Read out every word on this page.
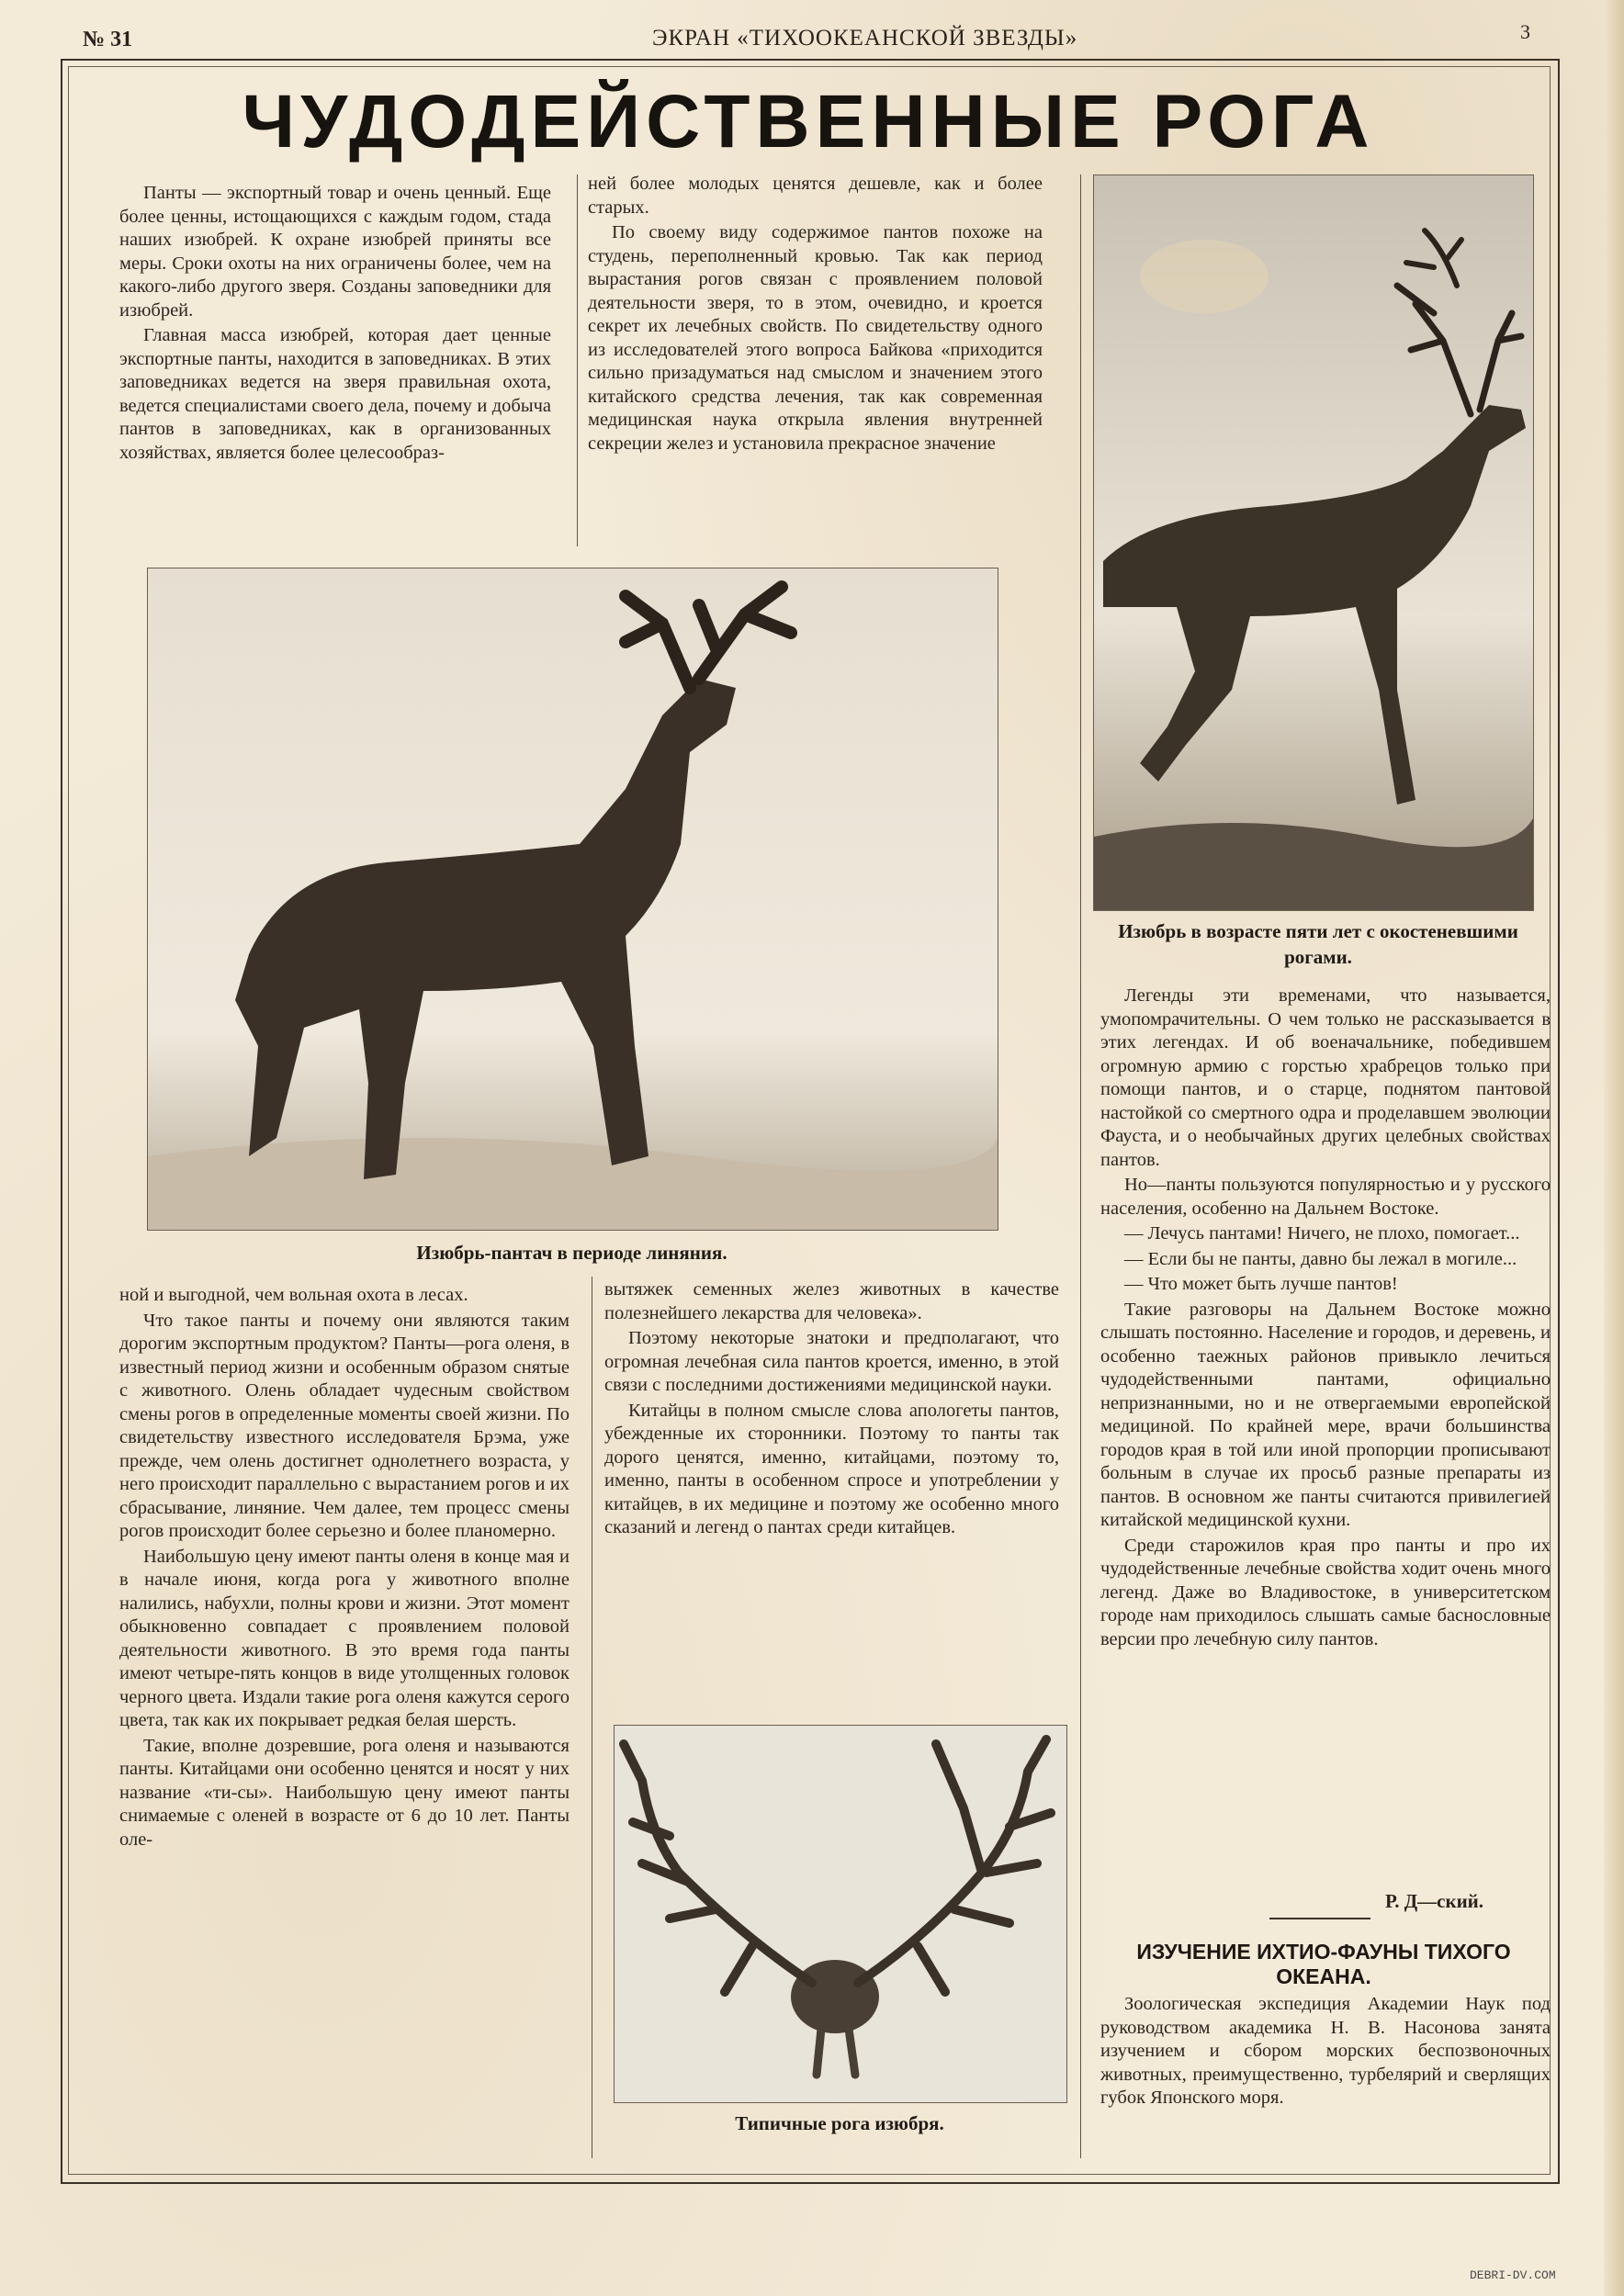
№ 31	ЭКРАН «ТИХООКЕАНСКОЙ ЗВЕЗДЫ»	3
ЧУДОДЕЙСТВЕННЫЕ РОГА

Панты — экспортный товар и очень ценный. Еще более ценны, истощающихся с каждым годом, стада наших изюбрей. К охране изюбрей приняты все меры. Сроки охоты на них ограничены более, чем на какого-либо другого зверя. Созданы заповедники для изюбрей.

Главная масса изюбрей, которая дает ценные экспортные панты, находится в заповедниках. В этих заповедниках ведется на зверя правильная охота, ведется специалистами своего дела, почему и добыча пантов в заповедниках, как в организованных хозяйствах, является более целесообраз-

ней более молодых ценятся дешевле, как и более старых.

По своему виду содержимое пантов похоже на студень, переполненный кровью. Так как период вырастания рогов связан с проявлением половой деятельности зверя, то в этом, очевидно, и кроется секрет их лечебных свойств. По свидетельству одного из исследователей этого вопроса Байкова «приходится сильно призадуматься над смыслом и значением этого китайского средства лечения, так как современная медицинская наука открыла явления внутренней секреции желез и установила прекрасное значение

Изюбрь в возрасте пяти лет с окостеневшими рогами.
Изюбрь-пантач в периоде линяния.

ной и выгодной, чем вольная охота в лесах.

Что такое панты и почему они являются таким дорогим экспортным продуктом? Панты—рога оленя, в известный период жизни и особенным образом снятые с животного. Олень обладает чудесным свойством смены рогов в определенные моменты своей жизни. По свидетельству известного исследователя Брэма, уже прежде, чем олень достигнет однолетнего возраста, у него происходит параллельно с вырастанием рогов и их сбрасывание, линяние. Чем далее, тем процесс смены рогов происходит более серьезно и более планомерно.

Наибольшую цену имеют панты оленя в конце мая и в начале июня, когда рога у животного вполне налились, набухли, полны крови и жизни. Этот момент обыкновенно совпадает с проявлением половой деятельности животного. В это время года панты имеют четыре-пять концов в виде утолщенных головок черного цвета. Издали такие рога оленя кажутся серого цвета, так как их покрывает редкая белая шерсть.

Такие, вполне дозревшие, рога оленя и называются панты. Китайцами они особенно ценятся и носят у них название «ти-сы». Наибольшую цену имеют панты снимаемые с оленей в возрасте от 6 до 10 лет. Панты оле-

вытяжек семенных желез животных в качестве полезнейшего лекарства для человека».

Поэтому некоторые знатоки и предполагают, что огромная лечебная сила пантов кроется, именно, в этой связи с последними достижениями медицинской науки.

Китайцы в полном смысле слова апологеты пантов, убежденные их сторонники. Поэтому то панты так дорого ценятся, именно, китайцами, поэтому то, именно, панты в особенном спросе и употреблении у китайцев, в их медицине и поэтому же особенно много сказаний и легенд о пантах среди китайцев.

Типичные рога изюбря.

Легенды эти временами, что называется, умопомрачительны. О чем только не рассказывается в этих легендах. И об военачальнике, победившем огромную армию с горстью храбрецов только при помощи пантов, и о старце, поднятом пантовой настойкой со смертного одра и проделавшем эволюции Фауста, и о необычайных других целебных свойствах пантов.

Но—панты пользуются популярностью и у русского населения, особенно на Дальнем Востоке.

— Лечусь пантами! Ничего, не плохо, помогает...

— Если бы не панты, давно бы лежал в могиле...

— Что может быть лучше пантов!

Такие разговоры на Дальнем Востоке можно слышать постоянно. Население и городов, и деревень, и особенно таежных районов привыкло лечиться чудодейственными пантами, официально непризнанными, но и не отвергаемыми европейской медициной. По крайней мере, врачи большинства городов края в той или иной пропорции прописывают больным в случае их просьб разные препараты из пантов. В основном же панты считаются привилегией китайской медицинской кухни.

Среди старожилов края про панты и про их чудодейственные лечебные свойства ходит очень много легенд. Даже во Владивостоке, в университетском городе нам приходилось слышать самые баснословные версии про лечебную силу пантов.

Р. Д—ский.
ИЗУЧЕНИЕ ИХТИО-ФАУНЫ ТИХОГО ОКЕАНА.

Зоологическая экспедиция Академии Наук под руководством академика Н. В. Насонова занята изучением и сбором морских беспозвоночных животных, преимущественно, турбелярий и сверлящих губок Японского моря.

DEBRI-DV.COM
